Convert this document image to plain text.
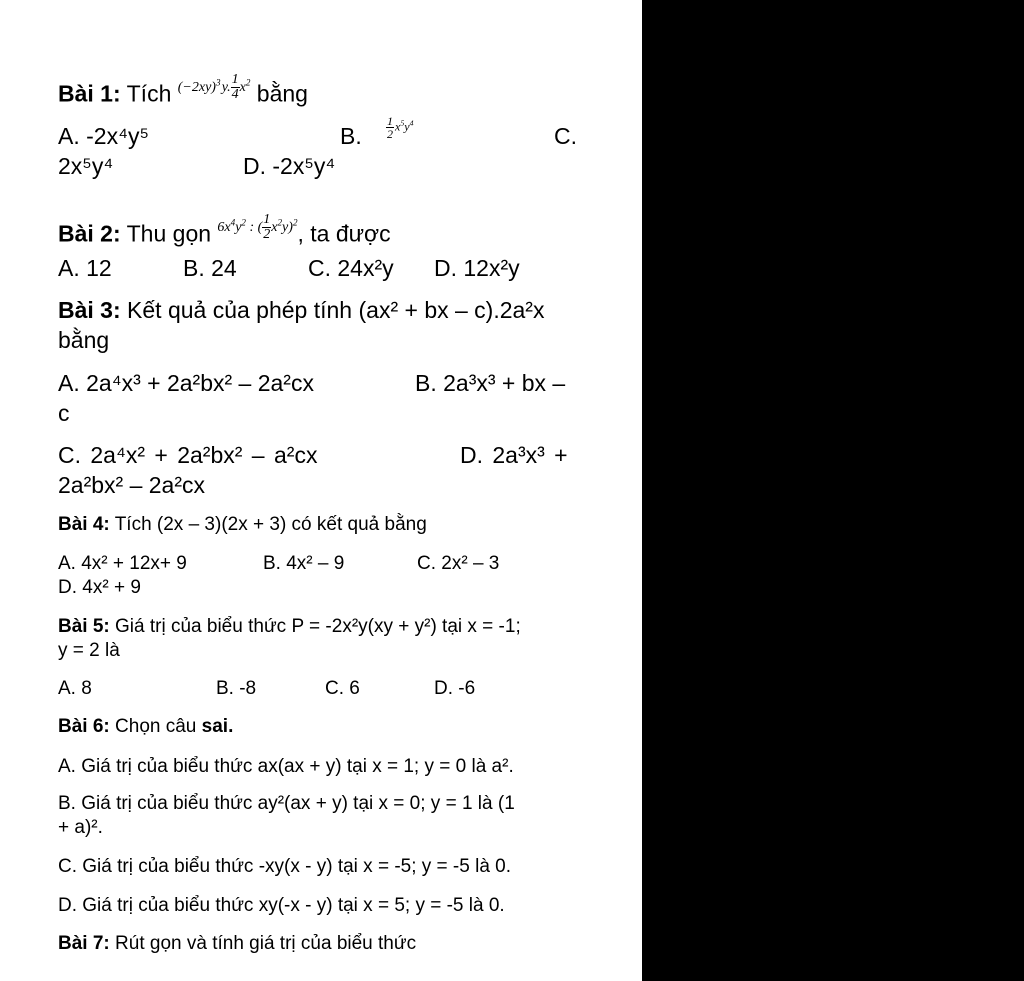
Bài 1: Tích $^{(-2xy)^3 y. \frac{1}{4} x^2}$ bằng
A. -2x⁴y⁵	B. $\frac{1}{2}$
  $x^5y^4$	C.
2x⁵y⁴	D. -2x⁵y⁴
Bài 2: Thu gọn $^{6x^4y^2 : ( \frac{1}{2} x^2y)^2}$, ta được
A. 12	B. 24	C. 24x²y D. 12x²y
Bài 3: Kết quả của phép tính (ax² + bx – c).2a²x
bằng
A. 2a⁴x³ + 2a²bx² – 2a²cx	B. 2a³x³ + bx –
c
C. 2a⁴x² + 2a²bx² – a²cx	D. 2a³x³ +
2a²bx² – 2a²cx
Bài 4: Tích (2x – 3)(2x + 3) có kết quả bằng
A. 4x² + 12x+ 9	B. 4x² – 9	C. 2x² – 3
D. 4x² + 9
Bài 5: Giá trị của biểu thức P = -2x²y(xy + y²) tại x = -1;
y = 2 là
A. 8	B. -8	C. 6	D. -6
Bài 6: Chọn câu sai.
A. Giá trị của biểu thức ax(ax + y) tại x = 1; y = 0 là a².
B. Giá trị của biểu thức ay²(ax + y) tại x = 0; y = 1 là (1
+ a)².
C. Giá trị của biểu thức -xy(x - y) tại x = -5; y = -5 là 0.
D. Giá trị của biểu thức xy(-x - y) tại x = 5; y = -5 là 0.
Bài 7: Rút gọn và tính giá trị của biểu thức
